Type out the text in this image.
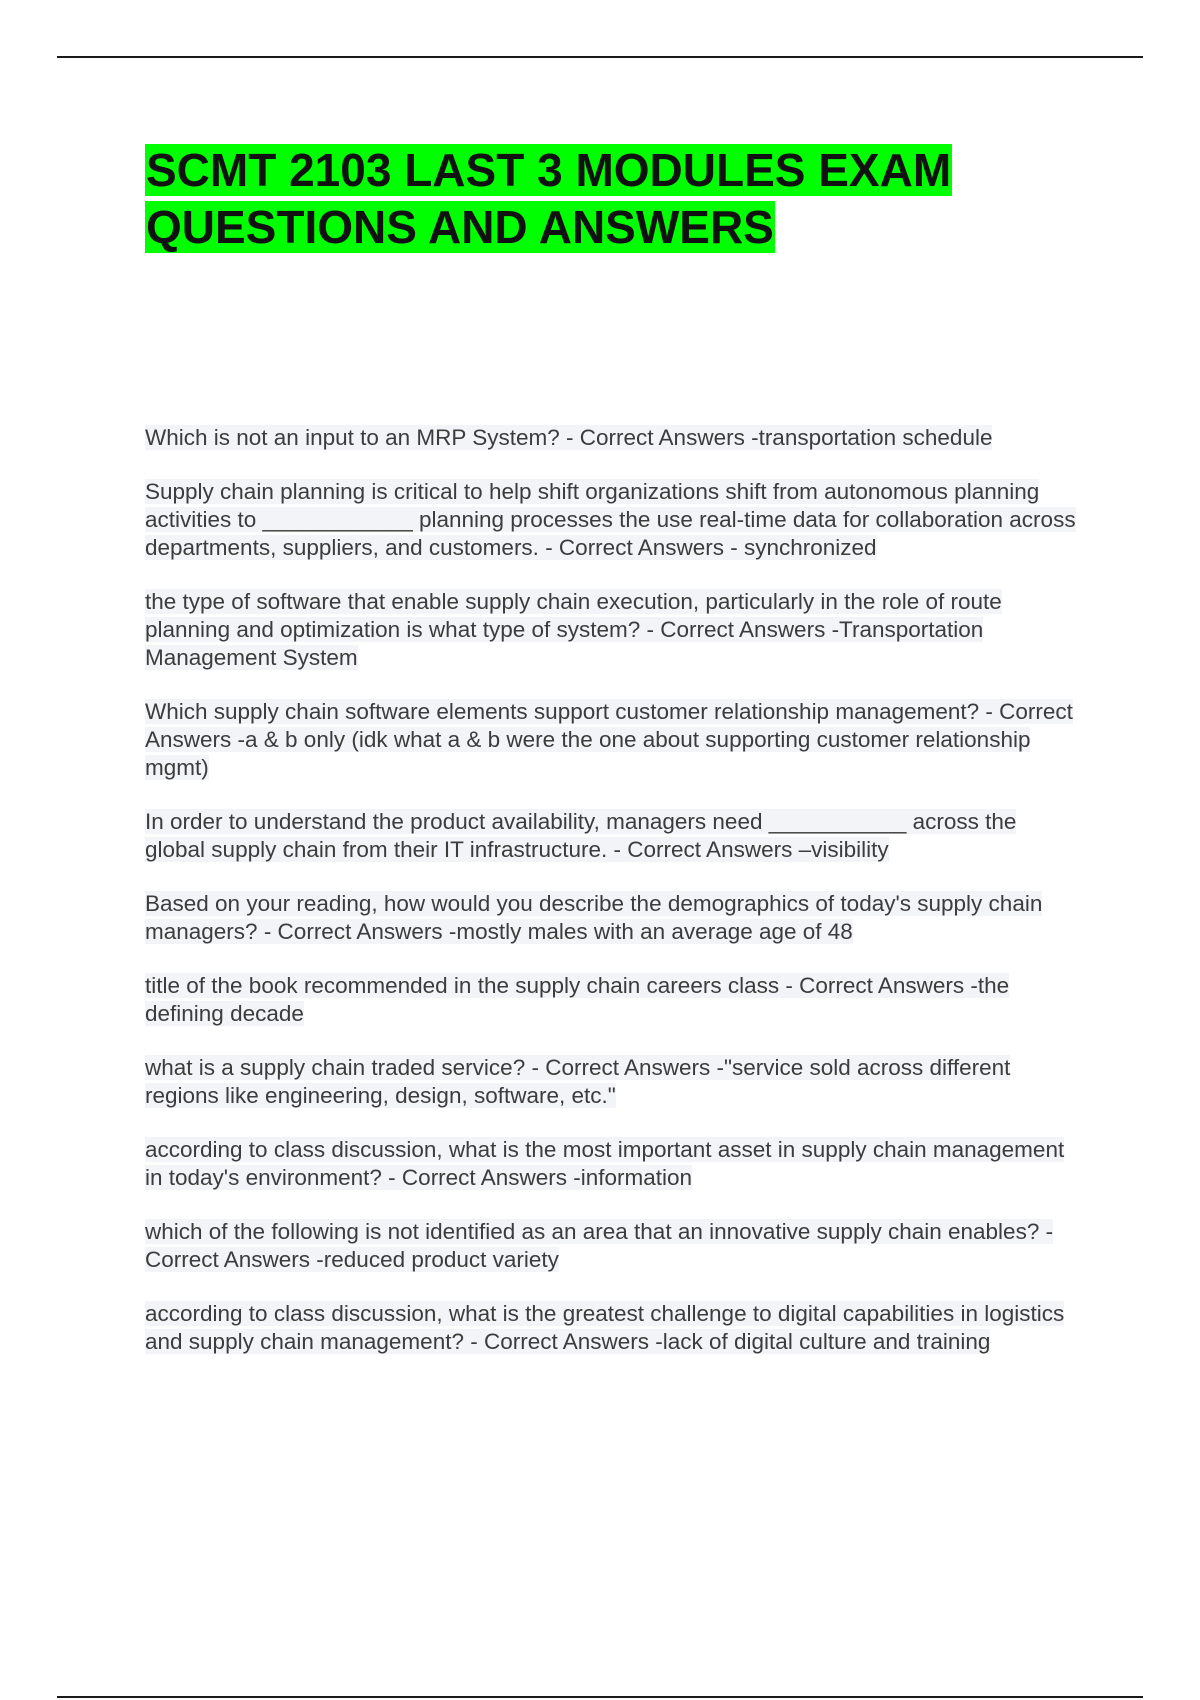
SCMT 2103 LAST 3 MODULES EXAM QUESTIONS AND ANSWERS
Which is not an input to an MRP System? - Correct Answers -transportation schedule
Supply chain planning is critical to help shift organizations shift from autonomous planning activities to ____________ planning processes the use real-time data for collaboration across departments, suppliers, and customers. - Correct Answers - synchronized
the type of software that enable supply chain execution, particularly in the role of route planning and optimization is what type of system? - Correct Answers -Transportation Management System
Which supply chain software elements support customer relationship management? - Correct Answers -a & b only (idk what a & b were the one about supporting customer relationship mgmt)
In order to understand the product availability, managers need ___________ across the global supply chain from their IT infrastructure. - Correct Answers –visibility
Based on your reading, how would you describe the demographics of today's supply chain managers? - Correct Answers -mostly males with an average age of 48
title of the book recommended in the supply chain careers class - Correct Answers -the defining decade
what is a supply chain traded service? - Correct Answers -"service sold across different regions like engineering, design, software, etc."
according to class discussion, what is the most important asset in supply chain management in today's environment? - Correct Answers -information
which of the following is not identified as an area that an innovative supply chain enables? - Correct Answers -reduced product variety
according to class discussion, what is the greatest challenge to digital capabilities in logistics and supply chain management? - Correct Answers -lack of digital culture and training
